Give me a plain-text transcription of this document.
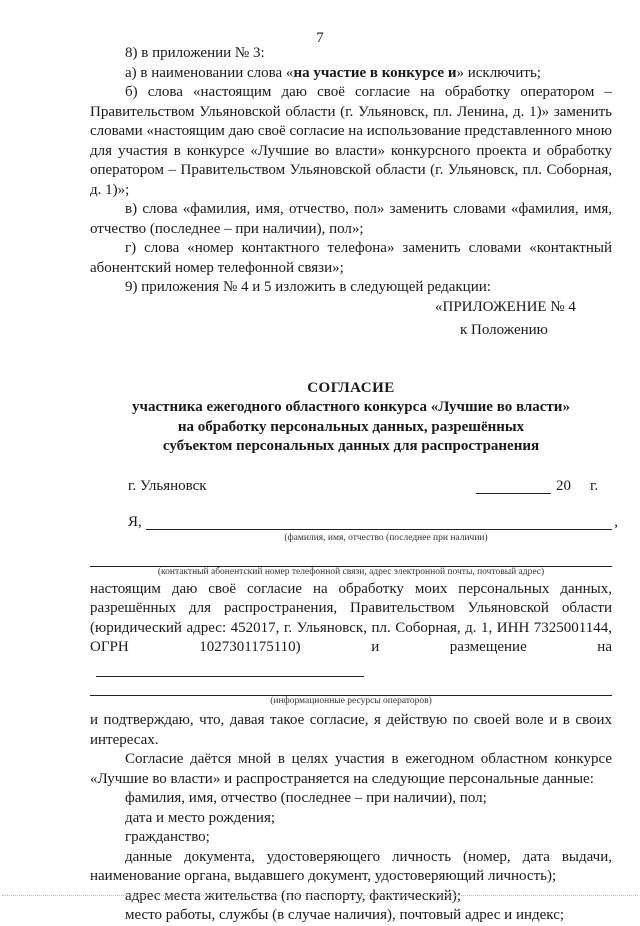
7

8) в приложении № 3:

а) в наименовании слова «на участие в конкурсе и» исключить;

б) слова «настоящим даю своё согласие на обработку оператором – Правительством Ульяновской области (г. Ульяновск, пл. Ленина, д. 1)» заменить словами «настоящим даю своё согласие на использование представленного мною для участия в конкурсе «Лучшие во власти» конкурсного проекта и обработку оператором – Правительством Ульяновской области (г. Ульяновск, пл. Соборная, д. 1)»;

в) слова «фамилия, имя, отчество, пол» заменить словами «фамилия, имя, отчество (последнее – при наличии), пол»;

г) слова «номер контактного телефона» заменить словами «контактный абонентский номер телефонной связи»;

9) приложения № 4 и 5 изложить в следующей редакции:

«ПРИЛОЖЕНИЕ № 4

к Положению

СОГЛАСИЕ

участника ежегодного областного конкурса «Лучшие во власти»

на обработку персональных данных, разрешённых

субъектом персональных данных для распространения

г. Ульяновск	20 г.
Я,	,
(фамилия, имя, отчество (последнее при наличии)
(контактный абонентский номер телефонной связи, адрес электронной почты, почтовый адрес)

настоящим даю своё согласие на обработку моих персональных данных, разрешённых для распространения, Правительством Ульяновской области (юридический адрес: 452017, г. Ульяновск, пл. Соборная, д. 1, ИНН 7325001144, ОГРН 1027301175110) и размещение на

(информационные ресурсы операторов)

и подтверждаю, что, давая такое согласие, я действую по своей воле и в своих интересах.

Согласие даётся мной в целях участия в ежегодном областном конкурсе «Лучшие во власти» и распространяется на следующие персональные данные:

фамилия, имя, отчество (последнее – при наличии), пол;

дата и место рождения;

гражданство;

данные документа, удостоверяющего личность (номер, дата выдачи, наименование органа, выдавшего документ, удостоверяющий личность);

адрес места жительства (по паспорту, фактический);

место работы, службы (в случае наличия), почтовый адрес и индекс;
